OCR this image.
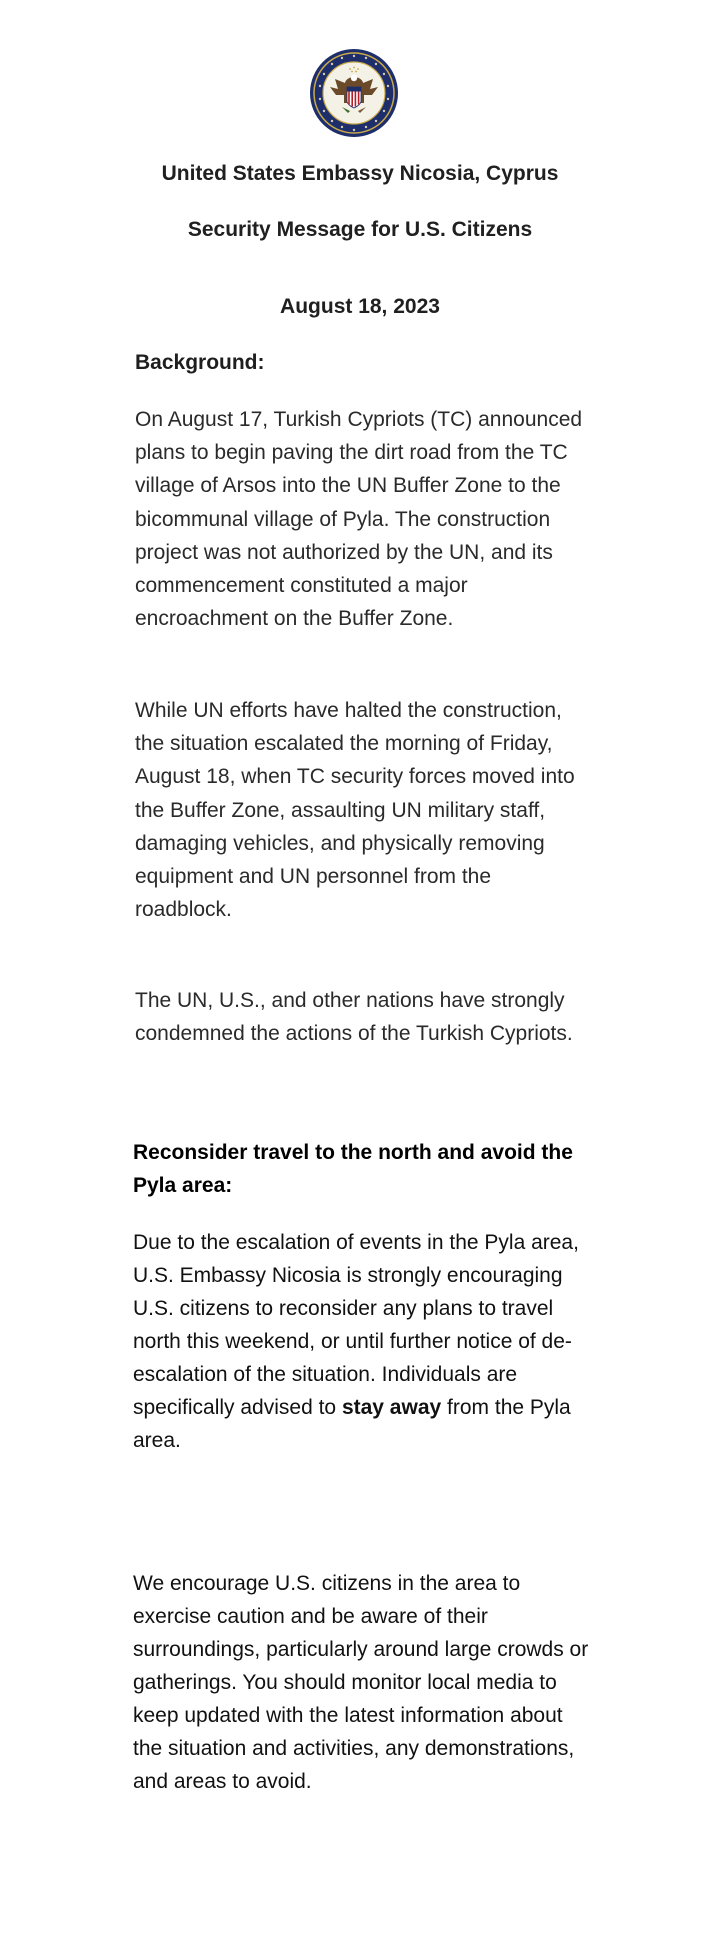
United States Embassy Nicosia, Cyprus
Security Message for U.S. Citizens
August 18, 2023
Background:
On August 17, Turkish Cypriots (TC) announced plans to begin paving the dirt road from the TC village of Arsos into the UN Buffer Zone to the bicommunal village of Pyla. The construction project was not authorized by the UN, and its commencement constituted a major encroachment on the Buffer Zone.
While UN efforts have halted the construction, the situation escalated the morning of Friday, August 18, when TC security forces moved into the Buffer Zone, assaulting UN military staff, damaging vehicles, and physically removing equipment and UN personnel from the roadblock.
The UN, U.S., and other nations have strongly condemned the actions of the Turkish Cypriots.
Reconsider travel to the north and avoid the Pyla area:
Due to the escalation of events in the Pyla area, U.S. Embassy Nicosia is strongly encouraging U.S. citizens to reconsider any plans to travel north this weekend, or until further notice of de-escalation of the situation. Individuals are specifically advised to stay away from the Pyla area.
We encourage U.S. citizens in the area to exercise caution and be aware of their surroundings, particularly around large crowds or gatherings. You should monitor local media to keep updated with the latest information about the situation and activities, any demonstrations, and areas to avoid.
